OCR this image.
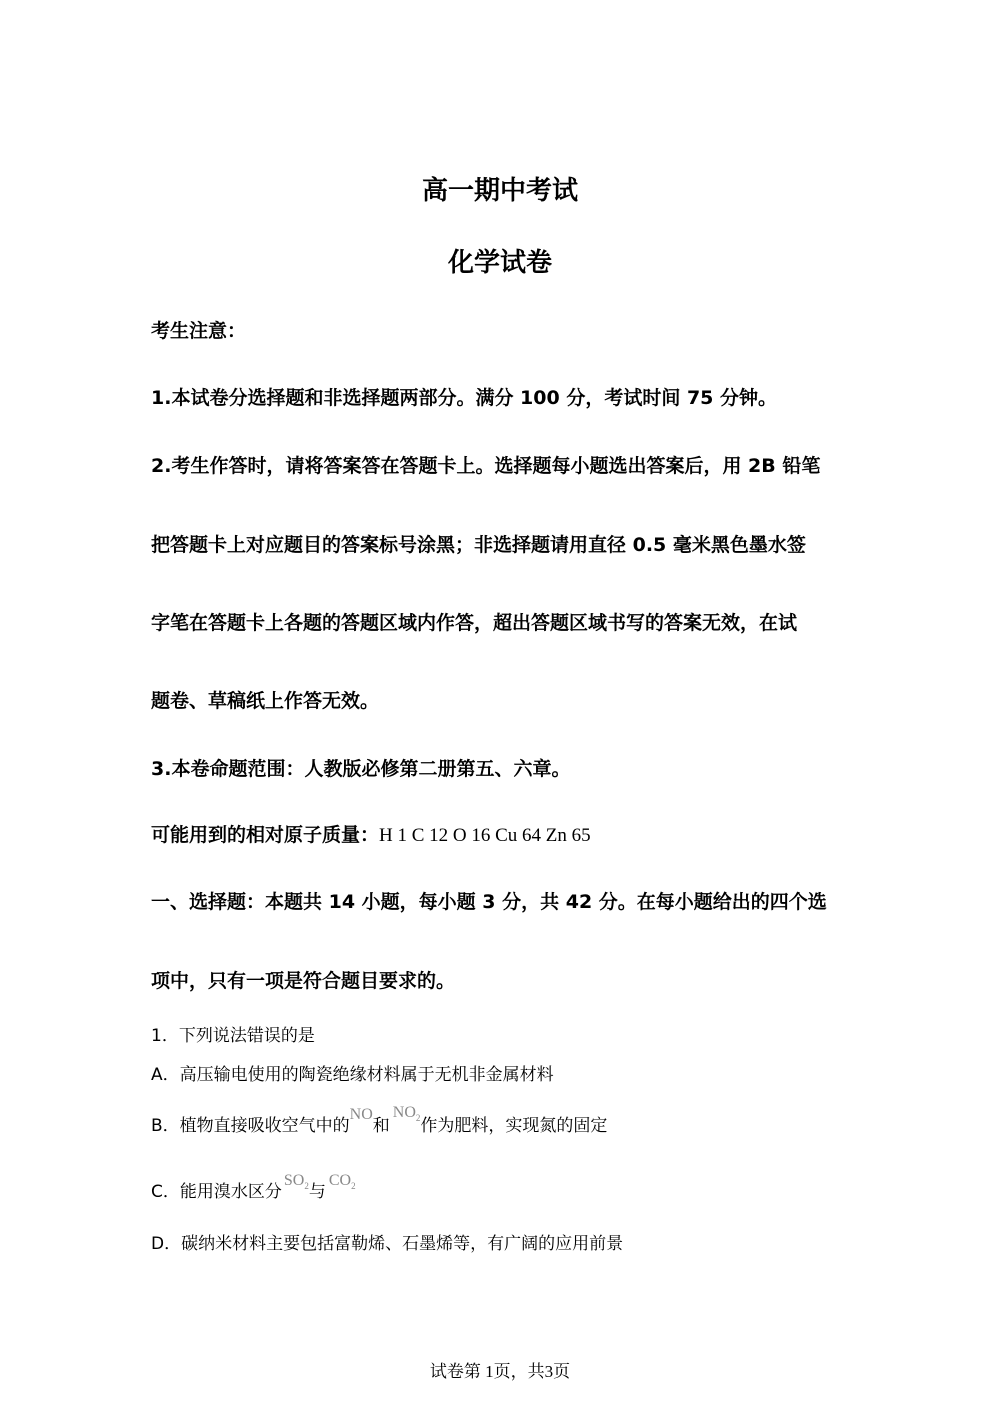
高一期中考试
化学试卷
考生注意：
1.本试卷分选择题和非选择题两部分。满分 100 分，考试时间 75 分钟。
2.考生作答时，请将答案答在答题卡上。选择题每小题选出答案后，用 2B 铅笔
把答题卡上对应题目的答案标号涂黑；非选择题请用直径 0.5 毫米黑色墨水签
字笔在答题卡上各题的答题区域内作答，超出答题区域书写的答案无效，在试
题卷、草稿纸上作答无效。
3.本卷命题范围：人教版必修第二册第五、六章。
可能用到的相对原子质量：H 1 C 12 O 16 Cu 64 Zn 65
一、选择题：本题共 14 小题，每小题 3 分，共 42 分。在每小题给出的四个选
项中，只有一项是符合题目要求的。
1．下列说法错误的是
A．高压输电使用的陶瓷绝缘材料属于无机非金属材料
B．植物直接吸收空气中的NO和$NO_2$作为肥料，实现氮的固定
C．能用溴水区分$SO_2$与$CO_2$
D．碳纳米材料主要包括富勒烯、石墨烯等，有广阔的应用前景
试卷第 1页，共3页
